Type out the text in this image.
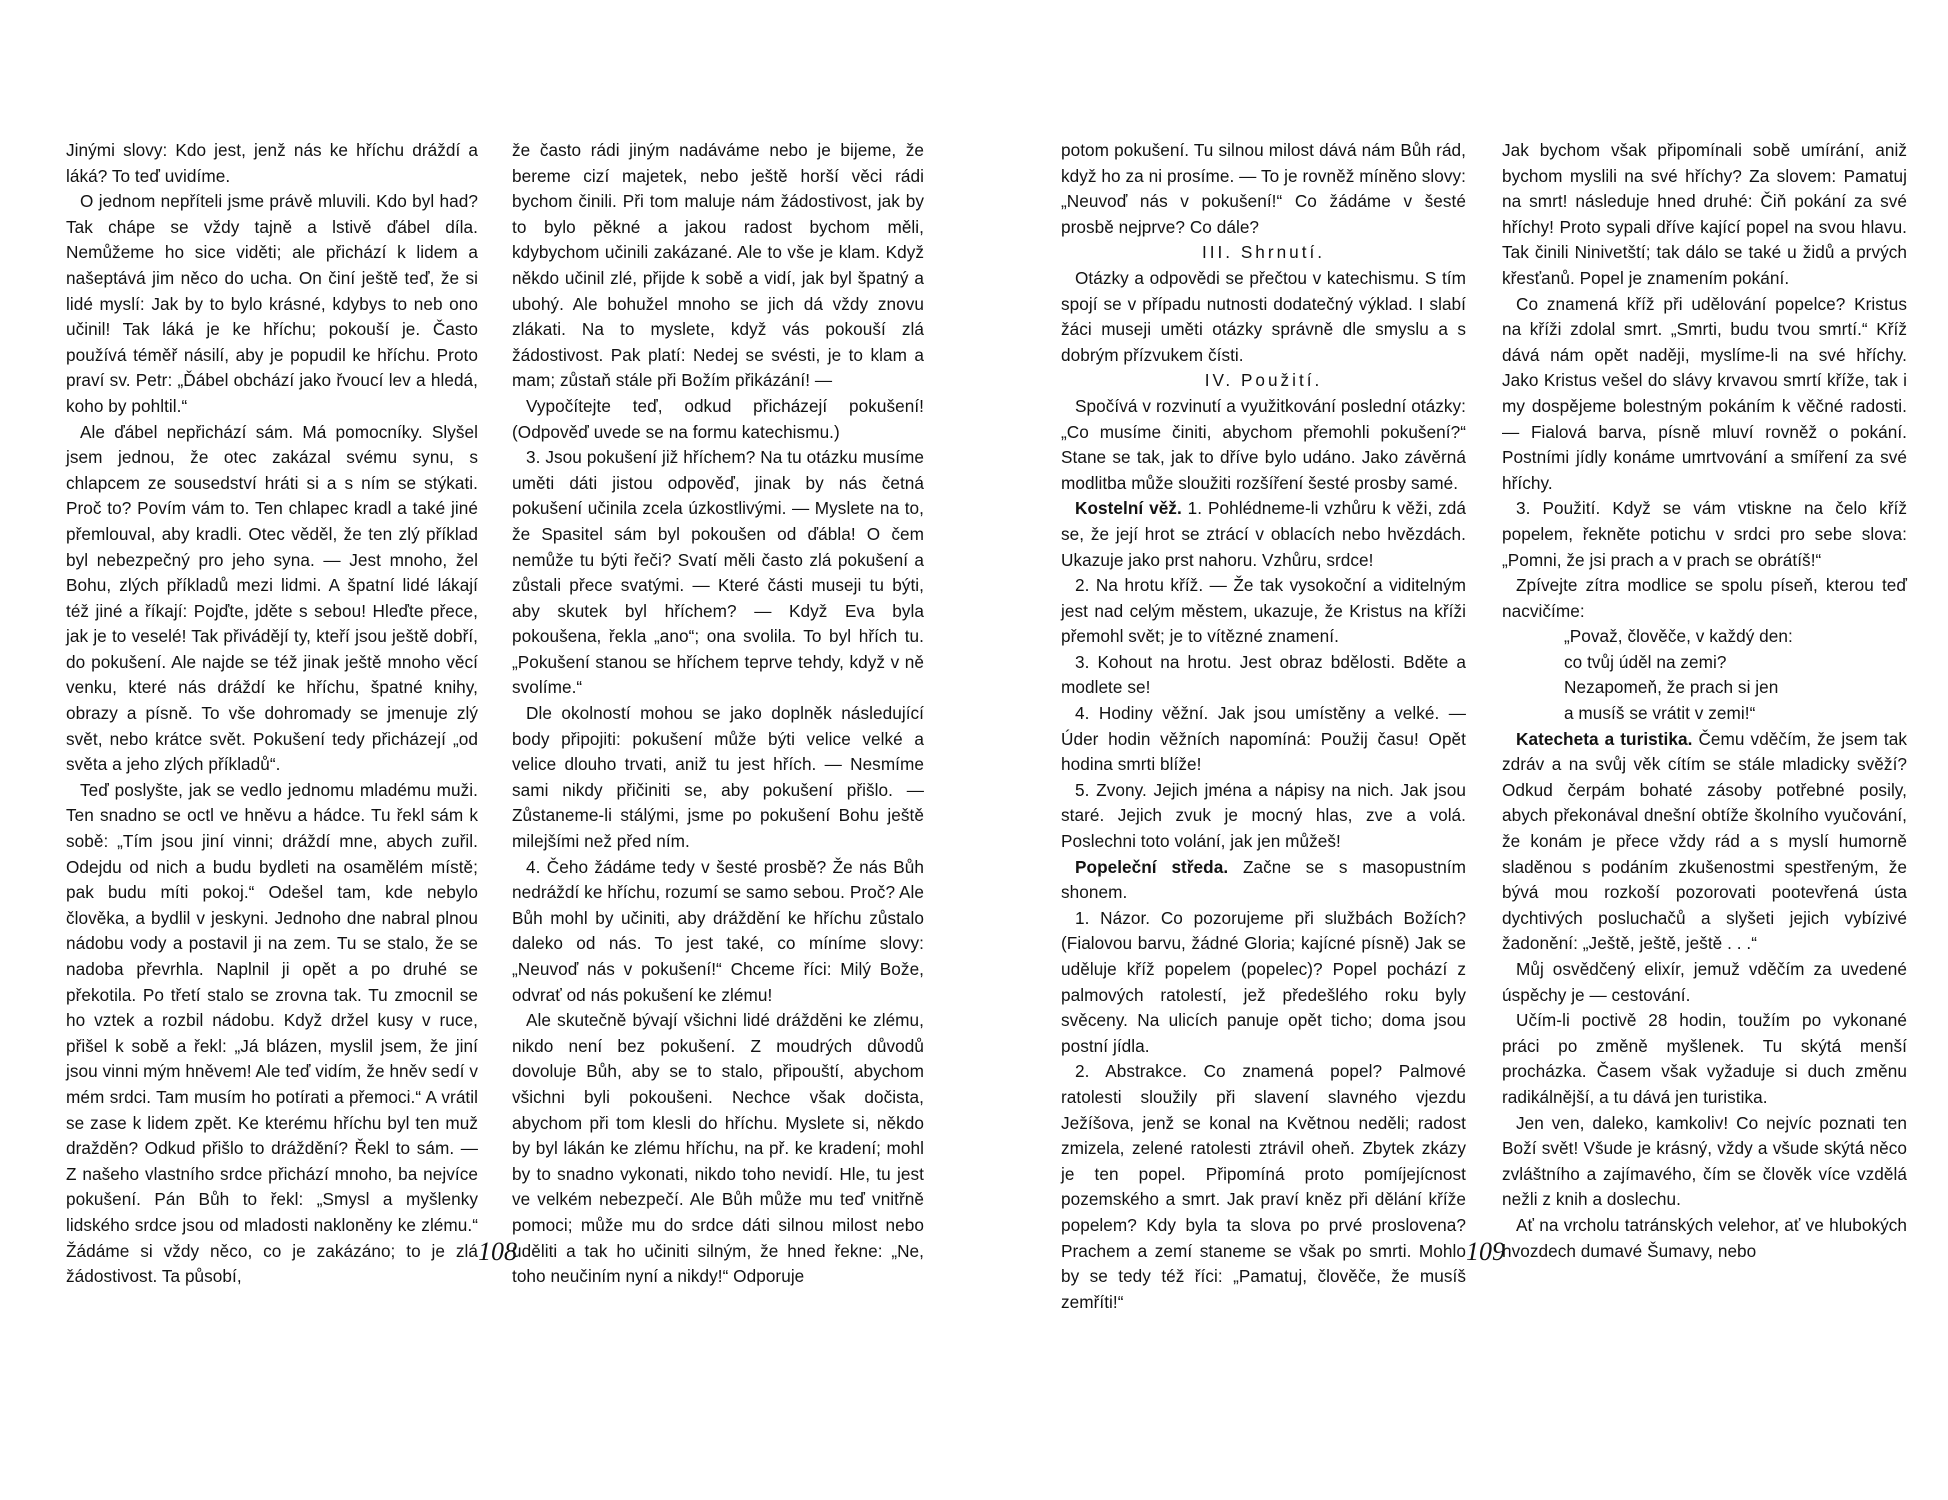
Jinými slovy: Kdo jest, jenž nás ke hříchu dráždí a láká? To teď uvidíme.

O jednom nepříteli jsme právě mluvili. Kdo byl had? Tak chápe se vždy tajně a lstivě ďábel díla. Nemůžeme ho sice viděti; ale přichází k lidem a našeptává jim něco do ucha. On činí ještě teď, že si lidé myslí: Jak by to bylo krásné, kdybys to neb ono učinil! Tak láká je ke hříchu; pokouší je. Často používá téměř násilí, aby je popudil ke hříchu. Proto praví sv. Petr: „Ďábel obchází jako řvoucí lev a hledá, koho by pohltil.“

Ale ďábel nepřichází sám. Má pomocníky. Slyšel jsem jednou, že otec zakázal svému synu, s chlapcem ze sousedství hráti si a s ním se stýkati. Proč to? Povím vám to. Ten chlapec kradl a také jiné přemlouval, aby kradli. Otec věděl, že ten zlý příklad byl nebezpečný pro jeho syna. — Jest mnoho, žel Bohu, zlých příkladů mezi lidmi. A špatní lidé lákají též jiné a říkají: Pojďte, jděte s sebou! Hleďte přece, jak je to veselé! Tak přivádějí ty, kteří jsou ještě dobří, do pokušení. Ale najde se též jinak ještě mnoho věcí venku, které nás dráždí ke hříchu, špatné knihy, obrazy a písně. To vše dohromady se jmenuje zlý svět, nebo krátce svět. Pokušení tedy přicházejí „od světa a jeho zlých příkladů“.

Teď poslyšte, jak se vedlo jednomu mladému muži. Ten snadno se octl ve hněvu a hádce. Tu řekl sám k sobě: „Tím jsou jiní vinni; dráždí mne, abych zuřil. Odejdu od nich a budu bydleti na osamělém místě; pak budu míti pokoj.“ Odešel tam, kde nebylo člověka, a bydlil v jeskyni. Jednoho dne nabral plnou nádobu vody a postavil ji na zem. Tu se stalo, že se nadoba převrhla. Naplnil ji opět a po druhé se překotila. Po třetí stalo se zrovna tak. Tu zmocnil se ho vztek a rozbil nádobu. Když držel kusy v ruce, přišel k sobě a řekl: „Já blázen, myslil jsem, že jiní jsou vinni mým hněvem! Ale teď vidím, že hněv sedí v mém srdci. Tam musím ho potírati a přemoci.“ A vrátil se zase k lidem zpět. Ke kterému hříchu byl ten muž dražděn? Odkud přišlo to dráždění? Řekl to sám. — Z našeho vlastního srdce přichází mnoho, ba nejvíce pokušení. Pán Bůh to řekl: „Smysl a myšlenky lidského srdce jsou od mladosti nakloněny ke zlému.“ Žádáme si vždy něco, co je zakázáno; to je zlá žádostivost. Ta působí,

že často rádi jiným nadáváme nebo je bijeme, že bereme cizí majetek, nebo ještě horší věci rádi bychom činili. Při tom maluje nám žádostivost, jak by to bylo pěkné a jakou radost bychom měli, kdybychom učinili zakázané. Ale to vše je klam. Když někdo učinil zlé, přijde k sobě a vidí, jak byl špatný a ubohý. Ale bohužel mnoho se jich dá vždy znovu zlákati. Na to myslete, když vás pokouší zlá žádostivost. Pak platí: Nedej se svésti, je to klam a mam; zůstaň stále při Božím přikázání! —

Vypočítejte teď, odkud přicházejí pokušení! (Odpověď uvede se na formu katechismu.)

3. Jsou pokušení již hříchem? Na tu otázku musíme uměti dáti jistou odpověď, jinak by nás četná pokušení učinila zcela úzkostlivými. — Myslete na to, že Spasitel sám byl pokoušen od ďábla! O čem nemůže tu býti řeči? Svatí měli často zlá pokušení a zůstali přece svatými. — Které části museji tu býti, aby skutek byl hříchem? — Když Eva byla pokoušena, řekla „ano“; ona svolila. To byl hřích tu. „Pokušení stanou se hříchem teprve tehdy, když v ně svolíme.“

Dle okolností mohou se jako doplněk následující body připojiti: pokušení může býti velice velké a velice dlouho trvati, aniž tu jest hřích. — Nesmíme sami nikdy přičiniti se, aby pokušení přišlo. — Zůstaneme-li stálými, jsme po pokušení Bohu ještě milejšími než před ním.

4. Čeho žádáme tedy v šesté prosbě? Že nás Bůh nedráždí ke hříchu, rozumí se samo sebou. Proč? Ale Bůh mohl by učiniti, aby dráždění ke hříchu zůstalo daleko od nás. To jest také, co míníme slovy: „Neuvoď nás v pokušení!“ Chceme říci: Milý Bože, odvrať od nás pokušení ke zlému!

Ale skutečně bývají všichni lidé drážděni ke zlému, nikdo není bez pokušení. Z moudrých důvodů dovoluje Bůh, aby se to stalo, připouští, abychom všichni byli pokoušeni. Nechce však dočista, abychom při tom klesli do hříchu. Myslete si, někdo by byl lákán ke zlému hříchu, na př. ke kradení; mohl by to snadno vykonati, nikdo toho nevidí. Hle, tu jest ve velkém nebezpečí. Ale Bůh může mu teď vnitřně pomoci; může mu do srdce dáti silnou milost nebo uděliti a tak ho učiniti silným, že hned řekne: „Ne, toho neučiním nyní a nikdy!“ Odporuje

108

potom pokušení. Tu silnou milost dává nám Bůh rád, když ho za ni prosíme. — To je rovněž míněno slovy: „Neuvoď nás v pokušení!“ Co žádáme v šesté prosbě nejprve? Co dále?

III. Shrnutí.

Otázky a odpovědi se přečtou v katechismu. S tím spojí se v případu nutnosti dodatečný výklad. I slabí žáci museji uměti otázky správně dle smyslu a s dobrým přízvukem čísti.

IV. Použití.

Spočívá v rozvinutí a využitkování poslední otázky: „Co musíme činiti, abychom přemohli pokušení?“ Stane se tak, jak to dříve bylo udáno. Jako závěrná modlitba může sloužiti rozšíření šesté prosby samé.

Kostelní věž. 1. Pohlédneme-li vzhůru k věži, zdá se, že její hrot se ztrácí v oblacích nebo hvězdách. Ukazuje jako prst nahoru. Vzhůru, srdce!

2. Na hrotu kříž. — Že tak vysokoční a viditelným jest nad celým městem, ukazuje, že Kristus na kříži přemohl svět; je to vítězné znamení.

3. Kohout na hrotu. Jest obraz bdělosti. Bděte a modlete se!

4. Hodiny věžní. Jak jsou umístěny a velké. — Úder hodin věžních napomíná: Použij času! Opět hodina smrti blíže!

5. Zvony. Jejich jména a nápisy na nich. Jak jsou staré. Jejich zvuk je mocný hlas, zve a volá. Poslechni toto volání, jak jen můžeš!

Popeleční středa. Začne se s masopustním shonem.

1. Názor. Co pozorujeme při službách Božích? (Fialovou barvu, žádné Gloria; kajícné písně) Jak se uděluje kříž popelem (popelec)? Popel pochází z palmových ratolestí, jež předešlého roku byly svěceny. Na ulicích panuje opět ticho; doma jsou postní jídla.

2. Abstrakce. Co znamená popel? Palmové ratolesti sloužily při slavení slavného vjezdu Ježíšova, jenž se konal na Květnou neděli; radost zmizela, zelené ratolesti ztrávil oheň. Zbytek zkázy je ten popel. Připomíná proto pomíjejícnost pozemského a smrt. Jak praví kněz při dělání kříže popelem? Kdy byla ta slova po prvé proslovena? Prachem a zemí staneme se však po smrti. Mohlo by se tedy též říci: „Pamatuj, člověče, že musíš zemříti!“

Jak bychom však připomínali sobě umírání, aniž bychom myslili na své hříchy? Za slovem: Pamatuj na smrt! následuje hned druhé: Čiň pokání za své hříchy! Proto sypali dříve kající popel na svou hlavu. Tak činili Ninivetští; tak dálo se také u židů a prvých křesťanů. Popel je znamením pokání.

Co znamená kříž při udělování popelce? Kristus na kříži zdolal smrt. „Smrti, budu tvou smrtí.“ Kříž dává nám opět naději, myslíme-li na své hříchy. Jako Kristus vešel do slávy krvavou smrtí kříže, tak i my dospějeme bolestným pokáním k věčné radosti. — Fialová barva, písně mluví rovněž o pokání. Postními jídly konáme umrtvování a smíření za své hříchy.

3. Použití. Když se vám vtiskne na čelo kříž popelem, řekněte potichu v srdci pro sebe slova: „Pomni, že jsi prach a v prach se obrátíš!“

Zpívejte zítra modlice se spolu píseň, kterou teď nacvičíme:

„Považ, člověče, v každý den:

co tvůj úděl na zemi?

Nezapomeň, že prach si jen

a musíš se vrátit v zemi!“

Katecheta a turistika. Čemu vděčím, že jsem tak zdráv a na svůj věk cítím se stále mladicky svěží? Odkud čerpám bohaté zásoby potřebné posily, abych překonával dnešní obtíže školního vyučování, že konám je přece vždy rád a s myslí humorně sladěnou s podáním zkušenostmi spestřeným, že bývá mou rozkoší pozorovati pootevřená ústa dychtivých posluchačů a slyšeti jejich vybízivé žadonění: „Ještě, ještě, ještě . . .“

Můj osvědčený elixír, jemuž vděčím za uvedené úspěchy je — cestování.

Učím-li poctivě 28 hodin, toužím po vykonané práci po změně myšlenek. Tu skýtá menší procházka. Časem však vyžaduje si duch změnu radikálnější, a tu dává jen turistika.

Jen ven, daleko, kamkoliv! Co nejvíc poznati ten Boží svět! Všude je krásný, vždy a všude skýtá něco zvláštního a zajímavého, čím se člověk více vzdělá nežli z knih a doslechu.

Ať na vrcholu tatránských velehor, ať ve hlubokých hvozdech dumavé Šumavy, nebo

109
